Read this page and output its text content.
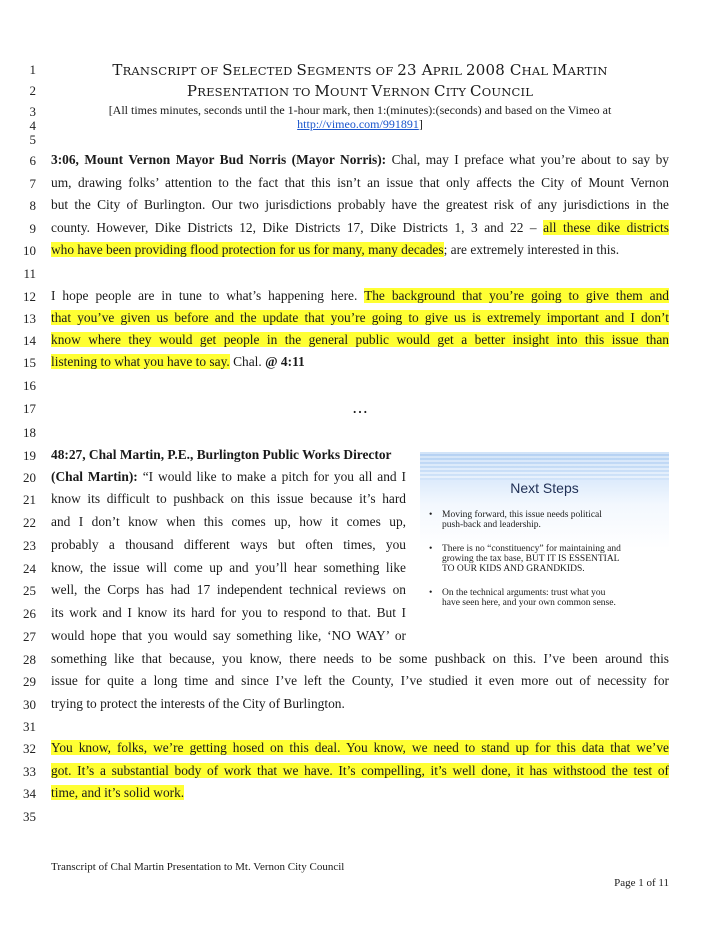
TRANSCRIPT OF SELECTED SEGMENTS OF 23 APRIL 2008 CHAL MARTIN
PRESENTATION TO MOUNT VERNON CITY COUNCIL
[All times minutes, seconds until the 1-hour mark, then 1:(minutes):(seconds) and based on the Vimeo at
http://vimeo.com/991891]
1
2
3
4
5
6
7
8
9
10
11
12
13
14
15
16
17
18
19
20
21
22
23
24
25
26
27
28
29
30
31
32
33
34
35
3:06, Mount Vernon Mayor Bud Norris (Mayor Norris): Chal, may I preface what you’re about to say by
um, drawing folks’ attention to the fact that this isn’t an issue that only affects the City of Mount Vernon
but the City of Burlington. Our two jurisdictions probably have the greatest risk of any jurisdictions in the
county. However, Dike Districts 12, Dike Districts 17, Dike Districts 1, 3 and 22 – all these dike districts
who have been providing flood protection for us for many, many decades; are extremely interested in this.
I hope people are in tune to what’s happening here. The background that you’re going to give them and
that you’ve given us before and the update that you’re going to give us is extremely important and I don’t
know where they would get people in the general public would get a better insight into this issue than
listening to what you have to say. Chal. @ 4:11
…
48:27, Chal Martin, P.E., Burlington Public Works Director
(Chal Martin): “I would like to make a pitch for you all and I
know its difficult to pushback on this issue because it’s hard
and I don’t know when this comes up, how it comes up,
probably a thousand different ways but often times, you
know, the issue will come up and you’ll hear something like
well, the Corps has had 17 independent technical reviews on
its work and I know its hard for you to respond to that. But I
would hope that you would say something like, ‘NO WAY’ or
something like that because, you know, there needs to be some pushback on this. I’ve been around this
issue for quite a long time and since I’ve left the County, I’ve studied it even more out of necessity for
trying to protect the interests of the City of Burlington.
You know, folks, we’re getting hosed on this deal. You know, we need to stand up for this data that we’ve
got. It’s a substantial body of work that we have. It’s compelling, it’s well done, it has withstood the test of
time, and it’s solid work.
Next Steps
• Moving forward, this issue needs political
push-back and leadership.
• There is no “constituency” for maintaining and
growing the tax base, BUT IT IS ESSENTIAL
TO OUR KIDS AND GRANDKIDS.
• On the technical arguments: trust what you
have seen here, and your own common sense.
Transcript of Chal Martin Presentation to Mt. Vernon City Council
Page 1 of 11
